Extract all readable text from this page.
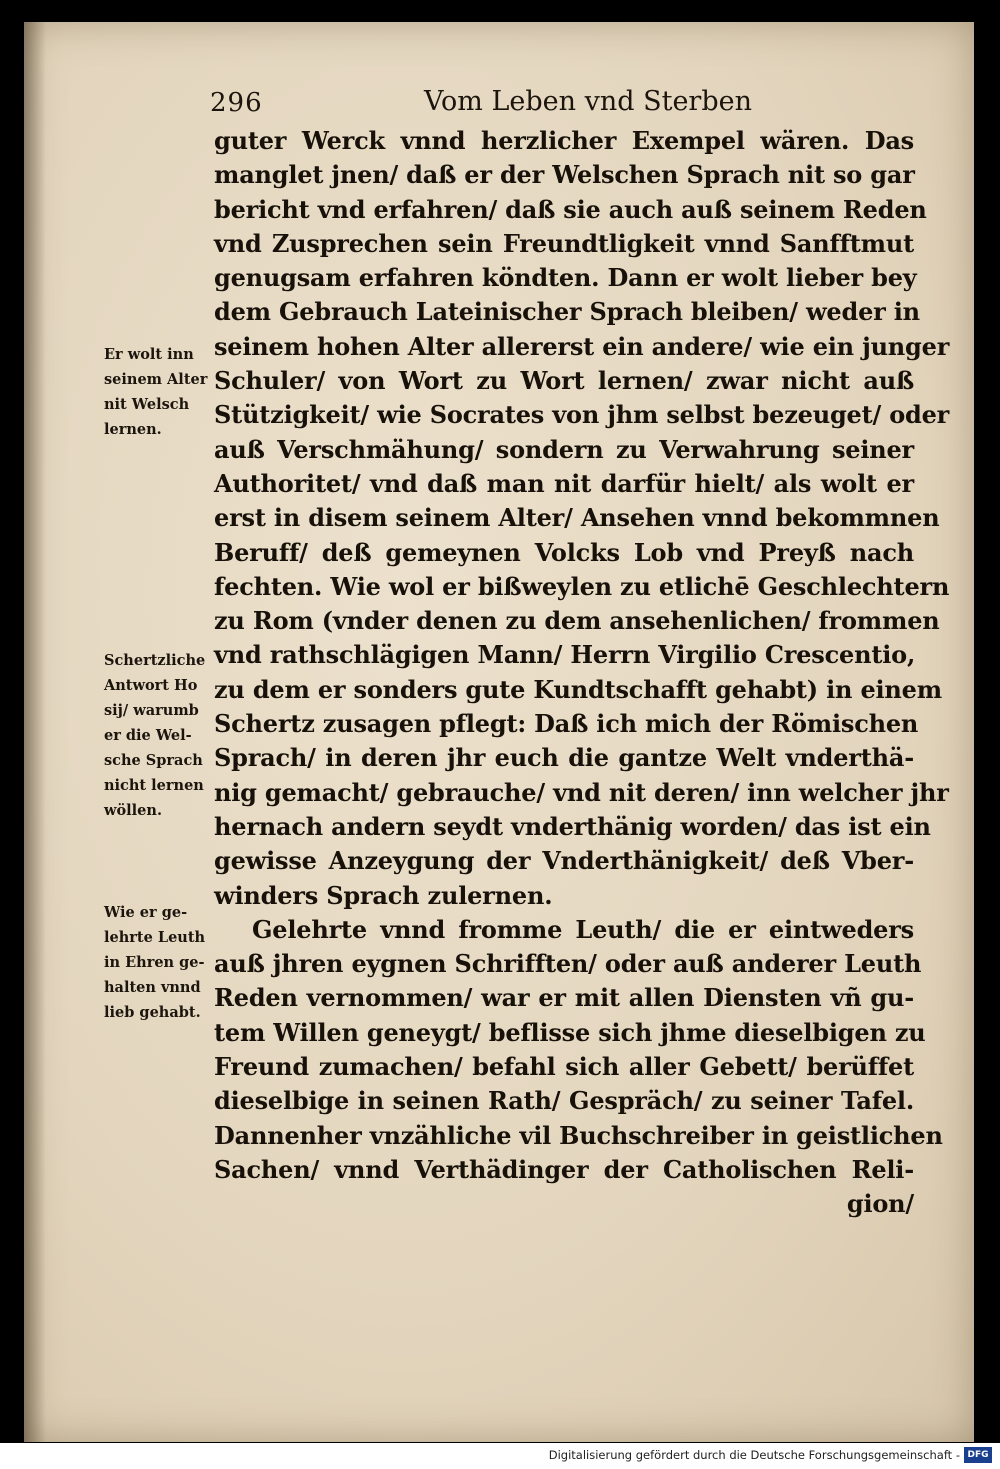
296	Vom Leben vnd Sterben
guter Werck vnnd herzlicher Exempel wären. Das
manglet jnen/ daß er der Welschen Sprach nit so gar
bericht vnd erfahren/ daß sie auch auß seinem Reden
vnd Zusprechen sein Freundtligkeit vnnd Sanfftmut
genugsam erfahren köndten. Dann er wolt lieber bey
dem Gebrauch Lateinischer Sprach bleiben/ weder in
seinem hohen Alter allererst ein andere/ wie ein junger
Schuler/ von Wort zu Wort lernen/ zwar nicht auß
Stützigkeit/ wie Socrates von jhm selbst bezeuget/ oder
auß Verschmähung/ sondern zu Verwahrung seiner
Authoritet/ vnd daß man nit darfür hielt/ als wolt er
erst in disem seinem Alter/ Ansehen vnnd bekommnen
Beruff/ deß gemeynen Volcks Lob vnd Preyß nach
fechten. Wie wol er bißweylen zu etlichē Geschlechtern
zu Rom (vnder denen zu dem ansehenlichen/ frommen
vnd rathschlägigen Mann/ Herrn Virgilio Crescentio,
zu dem er sonders gute Kundtschafft gehabt) in einem
Schertz zusagen pflegt: Daß ich mich der Römischen
Sprach/ in deren jhr euch die gantze Welt vnderthä-
nig gemacht/ gebrauche/ vnd nit deren/ inn welcher jhr
hernach andern seydt vnderthänig worden/ das ist ein
gewisse Anzeygung der Vnderthänigkeit/ deß Vber-
winders Sprach zulernen.
Gelehrte vnnd fromme Leuth/ die er eintweders
auß jhren eygnen Schrifften/ oder auß anderer Leuth
Reden vernommen/ war er mit allen Diensten vñ gu-
tem Willen geneygt/ beflisse sich jhme dieselbigen zu
Freund zumachen/ befahl sich aller Gebett/ berüffet
dieselbige in seinen Rath/ Gespräch/ zu seiner Tafel.
Dannenher vnzähliche vil Buchschreiber in geistlichen
Sachen/ vnnd Verthädinger der Catholischen Reli-
gion/
Er wolt inn
seinem Alter
nit Welsch
lernen.
Schertzliche
Antwort Ho
sij/ warumb
er die Wel-
sche Sprach
nicht lernen
wöllen.
Wie er ge-
lehrte Leuth
in Ehren ge-
halten vnnd
lieb gehabt.
Digitalisierung gefördert durch die Deutsche Forschungsgemeinschaft - DFG
